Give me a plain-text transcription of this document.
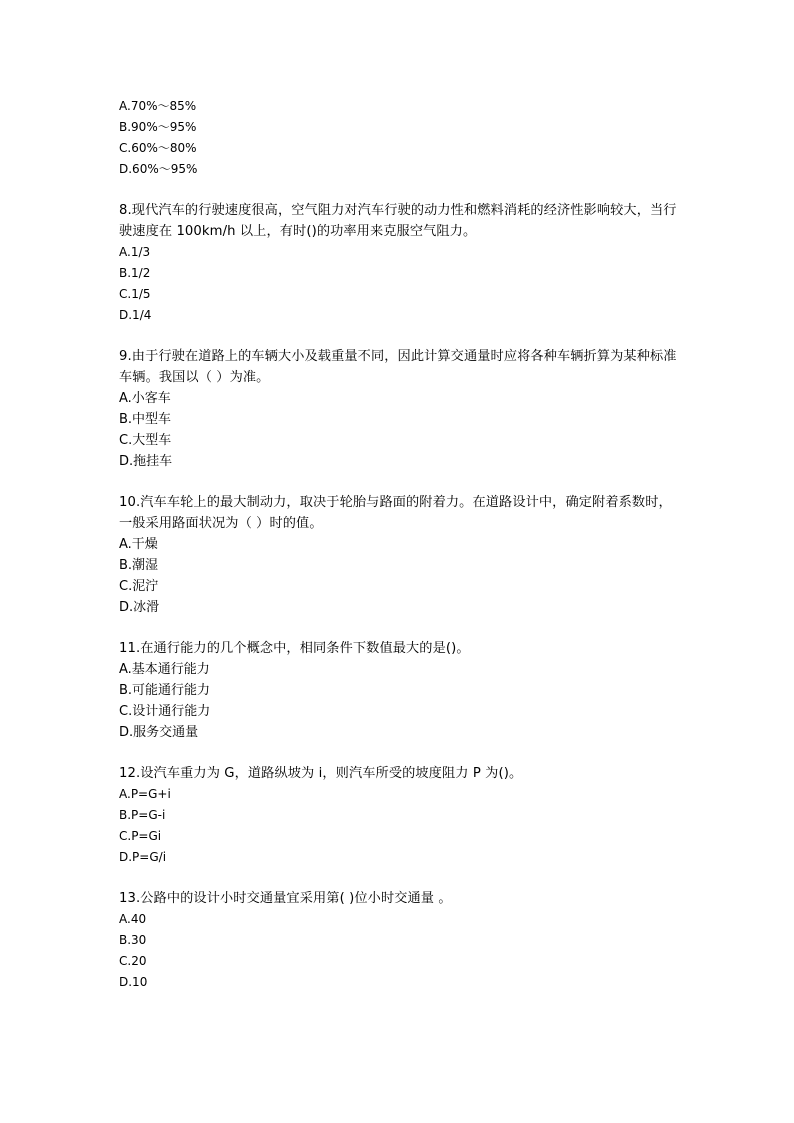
A.70%～85%

B.90%～95%

C.60%～80%

D.60%～95%

8.现代汽车的行驶速度很高，空气阻力对汽车行驶的动力性和燃料消耗的经济性影响较大，当行驶速度在 100km/h 以上，有时()的功率用来克服空气阻力。

A.1/3

B.1/2

C.1/5

D.1/4

9.由于行驶在道路上的车辆大小及载重量不同，因此计算交通量时应将各种车辆折算为某种标准车辆。我国以（ ）为准。

A.小客车

B.中型车

C.大型车

D.拖挂车

10.汽车车轮上的最大制动力，取决于轮胎与路面的附着力。在道路设计中，确定附着系数时，一般采用路面状况为（ ）时的值。

A.干燥

B.潮湿

C.泥泞

D.冰滑

11.在通行能力的几个概念中，相同条件下数值最大的是()。

A.基本通行能力

B.可能通行能力

C.设计通行能力

D.服务交通量

12.设汽车重力为 G，道路纵坡为 i，则汽车所受的坡度阻力 P 为()。

A.P=G+i

B.P=G-i

C.P=Gi

D.P=G/i

13.公路中的设计小时交通量宜采用第( )位小时交通量 。

A.40

B.30

C.20

D.10
